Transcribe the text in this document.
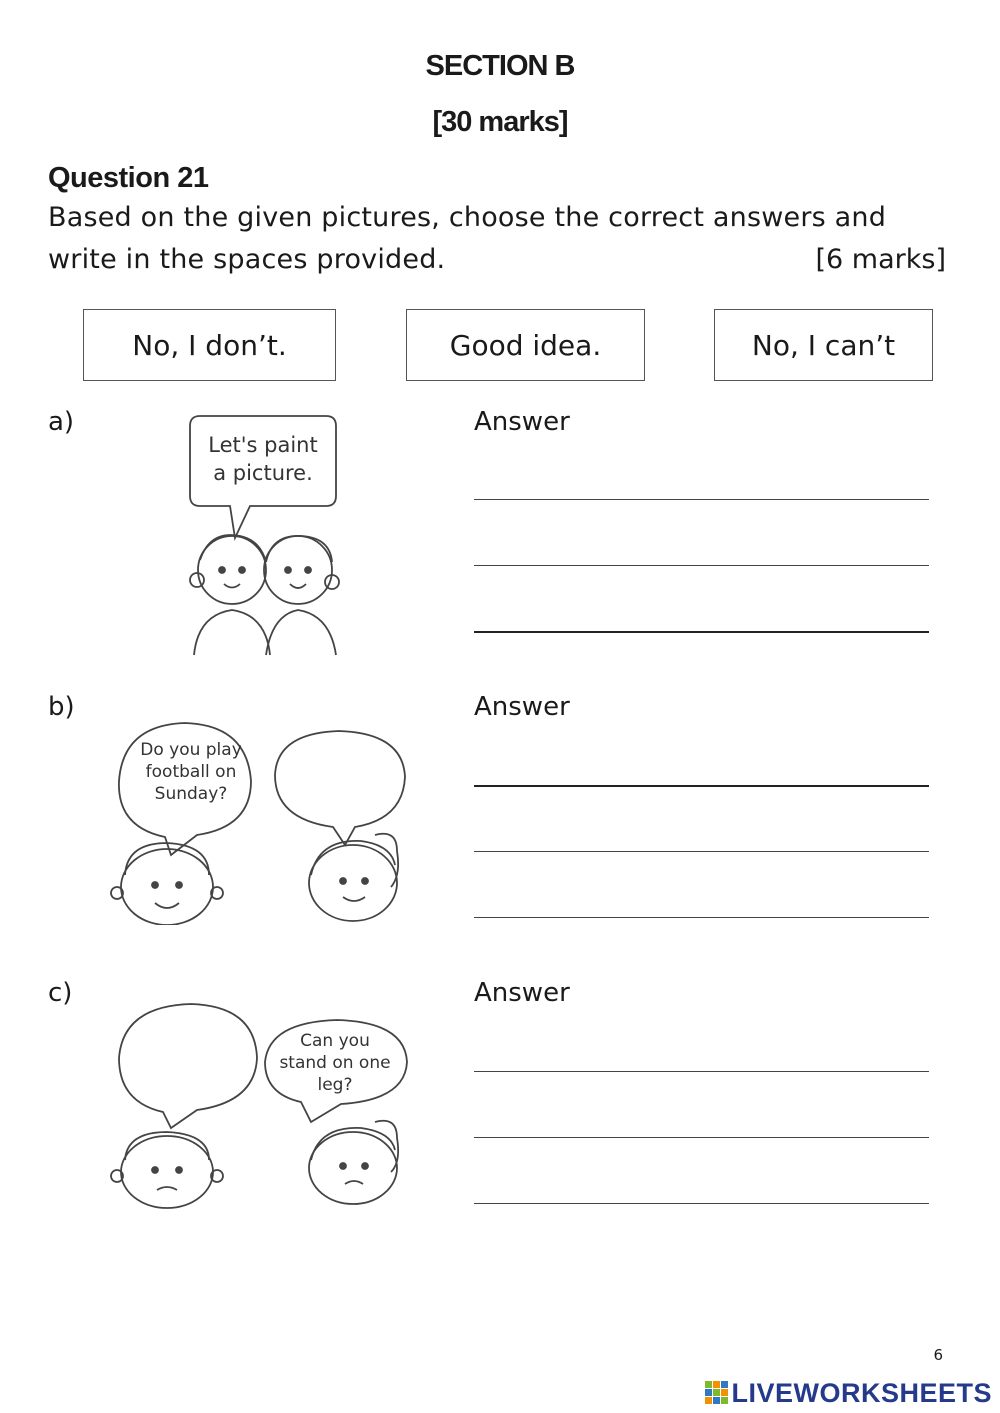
SECTION B
[30 marks]
Question 21
Based on the given pictures, choose the correct answers and
write in the spaces provided.	[6 marks]
No, I don’t.	Good idea.	No, I can’t
a)	Answer
Let's paint
a picture.
b)	Answer
Do you play
football on
Sunday?
c)	Answer
Can you
stand on one
leg?
6
LIVEWORKSHEETS
